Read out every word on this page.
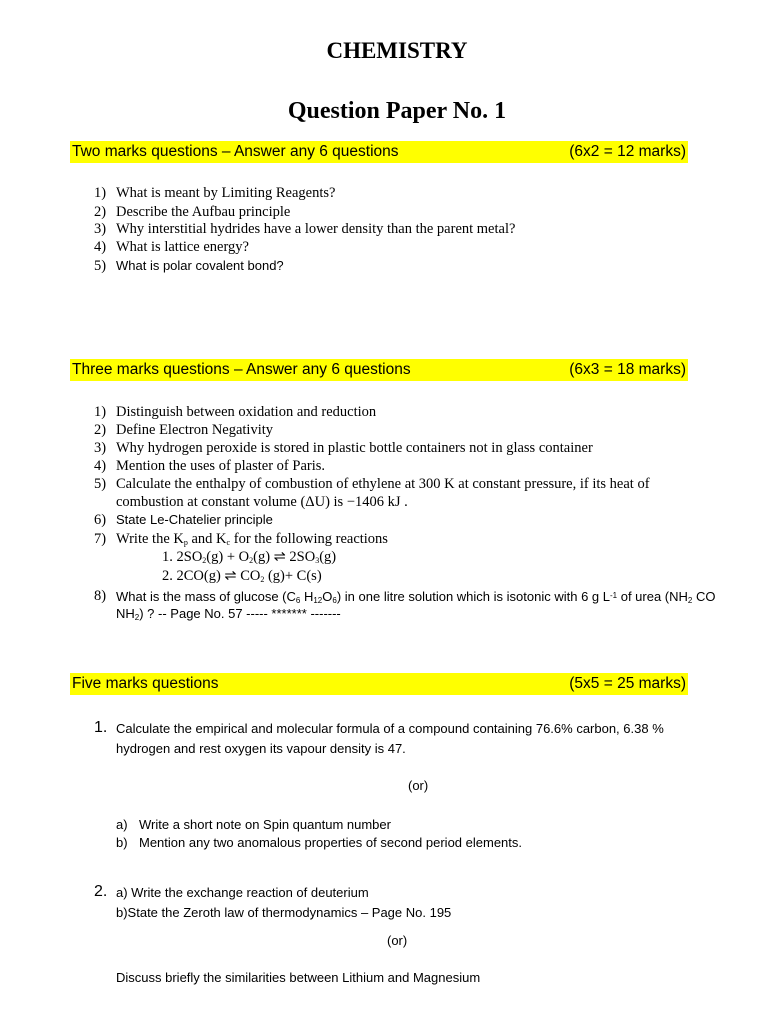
CHEMISTRY
Question Paper No. 1
Two marks questions – Answer any 6 questions	(6x2 = 12 marks)
1) What is meant by Limiting Reagents?
2) Describe the Aufbau principle
3) Why interstitial hydrides have a lower density than the parent metal?
4) What is lattice energy?
5) What is polar covalent bond?
Three marks questions – Answer any 6 questions	(6x3 = 18 marks)
1) Distinguish between oxidation and reduction
2) Define Electron Negativity
3) Why hydrogen peroxide is stored in plastic bottle containers not in glass container
4) Mention the uses of plaster of Paris.
5) Calculate the enthalpy of combustion of ethylene at 300 K at constant pressure, if its heat of
combustion at constant volume (ΔU) is −1406 kJ .
6) State Le-Chatelier principle
7) Write the $K_p$ and $K_c$ for the following reactions
1. $2SO_2(g) + O_2(g)$ ⇌ $2SO_3(g)$
2. 2CO(g) ⇌ $CO_2$ (g)+ C(s)
8) What is the mass of glucose ($C_6$ $H_{12}O_6$) in one litre solution which is isotonic with 6 g $L^{-1}$ of urea ($NH_2$ CO
$NH_2$) ? -- Page No. 57 ----- ******* -------
Five marks questions	(5x5 = 25 marks)
1. Calculate the empirical and molecular formula of a compound containing 76.6% carbon, 6.38 %
hydrogen and rest oxygen its vapour density is 47.
(or)
a) Write a short note on Spin quantum number
b) Mention any two anomalous properties of second period elements.
2. a) Write the exchange reaction of deuterium
b)State the Zeroth law of thermodynamics – Page No. 195
(or)
Discuss briefly the similarities between Lithium and Magnesium
